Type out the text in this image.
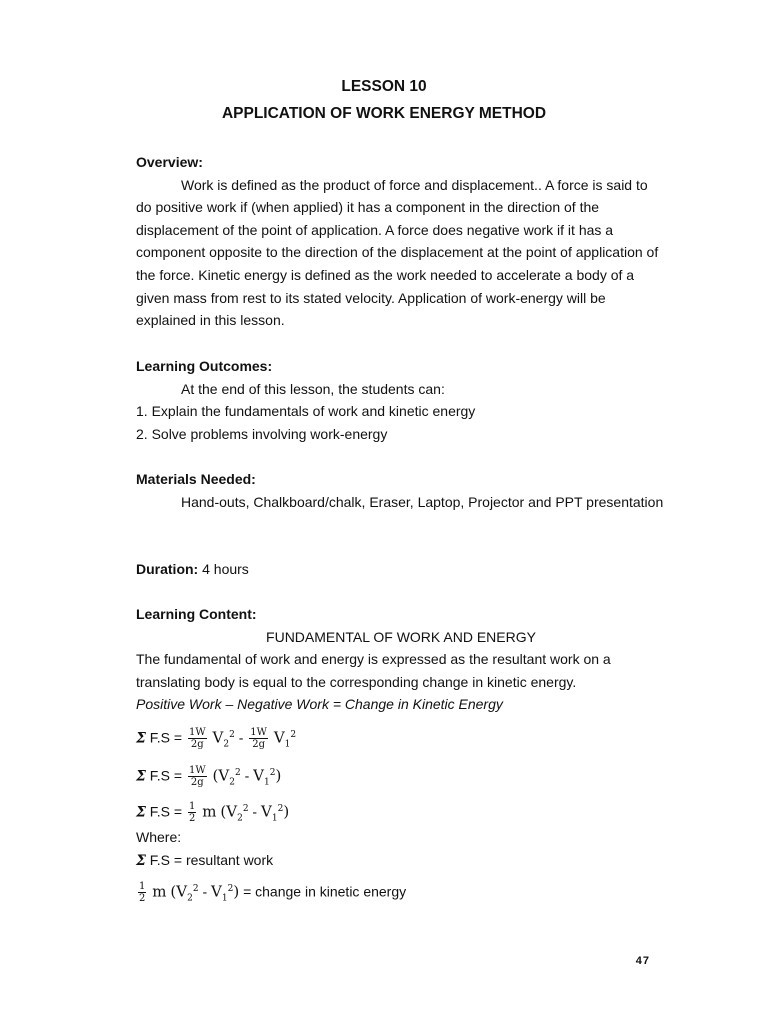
LESSON 10
APPLICATION OF WORK ENERGY METHOD
Overview:
Work is defined as the product of force and displacement.. A force is said to do positive work if (when applied) it has a component in the direction of the displacement of the point of application. A force does negative work if it has a component opposite to the direction of the displacement at the point of application of the force. Kinetic energy is defined as the work needed to accelerate a body of a given mass from rest to its stated velocity. Application of work-energy will be explained in this lesson.
Learning Outcomes:
At the end of this lesson, the students can:
1. Explain the fundamentals of work and kinetic energy
2. Solve problems involving work-energy
Materials Needed:
Hand-outs, Chalkboard/chalk, Eraser, Laptop, Projector and PPT presentation
Duration: 4 hours
Learning Content:
FUNDAMENTAL OF WORK AND ENERGY
The fundamental of work and energy is expressed as the resultant work on a translating body is equal to the corresponding change in kinetic energy.
Positive Work – Negative Work = Change in Kinetic Energy
Σ $F.S = \frac{1W}{2g} V_2^2 - \frac{1W}{2g} V_1^2$
Σ $F.S = \frac{1W}{2g} (V_2^2 - V_1^2)$
Σ $F.S = \frac{1}{2}$ m $(V_2^2 - V_1^2)$
Where:
Σ F.S = resultant work
$\frac{1}{2}$ m $(V_2^2 - V_1^2)$ = change in kinetic energy
47
